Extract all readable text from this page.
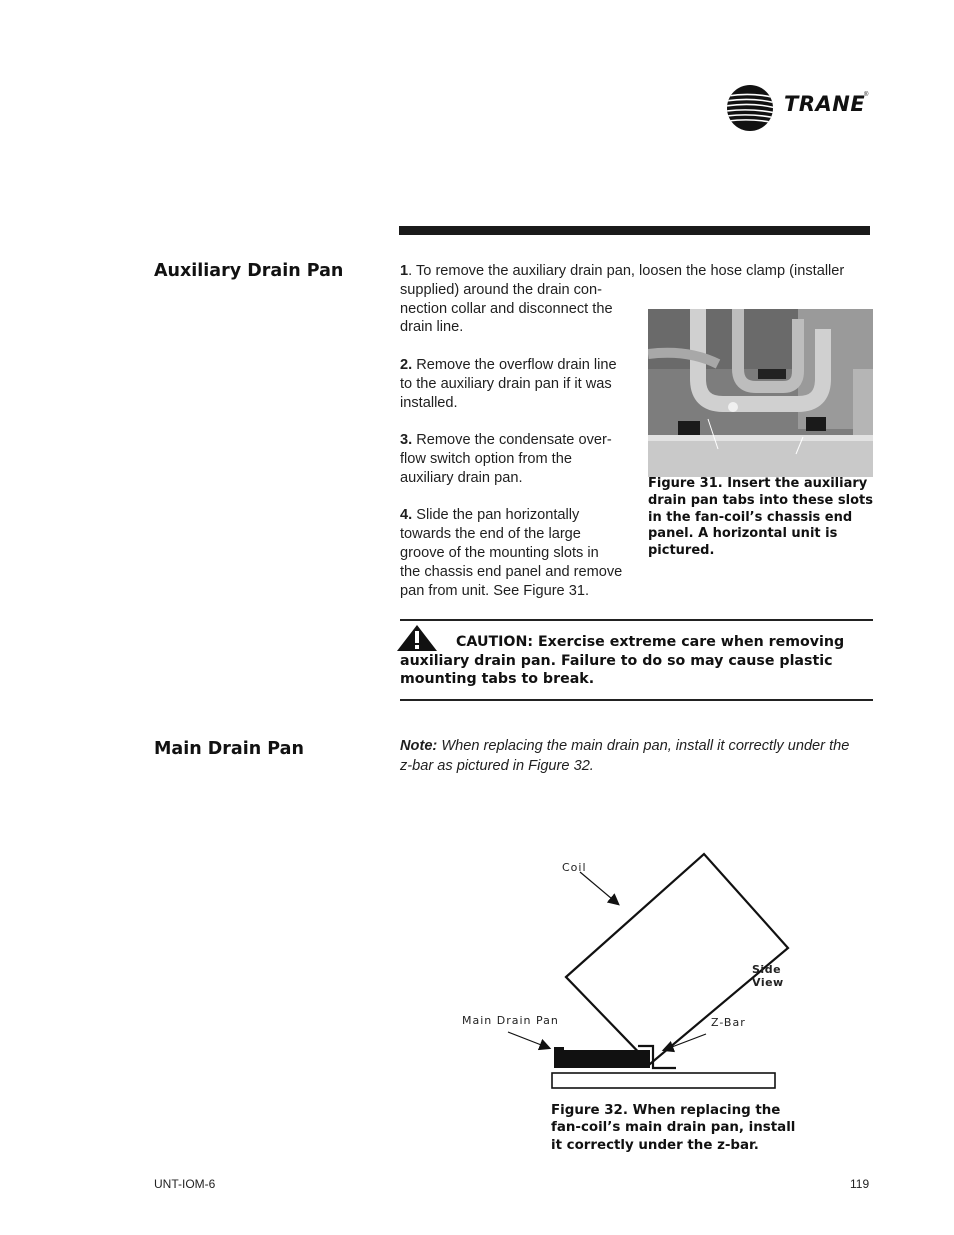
TRANE
®
Auxiliary Drain Pan
Main Drain Pan
1. To remove the auxiliary drain pan, loosen the hose clamp (installer
supplied) around the drain con-
nection collar and disconnect the
drain line.
2. Remove the overflow drain line
to the auxiliary drain pan if it was
installed.
3. Remove the condensate over-
flow switch option from the
auxiliary drain pan.
4. Slide the pan horizontally
towards the end of the large
groove of the mounting slots in
the chassis end panel and remove
pan from unit. See Figure 31.
Figure 31. Insert the auxiliary
drain pan tabs into these slots
in the fan-coil’s chassis end
panel. A horizontal unit is
pictured.
CAUTION: Exercise extreme care when removing
auxiliary drain pan. Failure to do so may cause plastic
mounting tabs to break.
Note: When replacing the main drain pan, install it correctly under the
z-bar as pictured in Figure 32.
Coil
Side
View
Main Drain Pan	Z-Bar
Figure 32. When replacing the
fan-coil’s main drain pan, install
it correctly under the z-bar.
UNT-IOM-6	119
